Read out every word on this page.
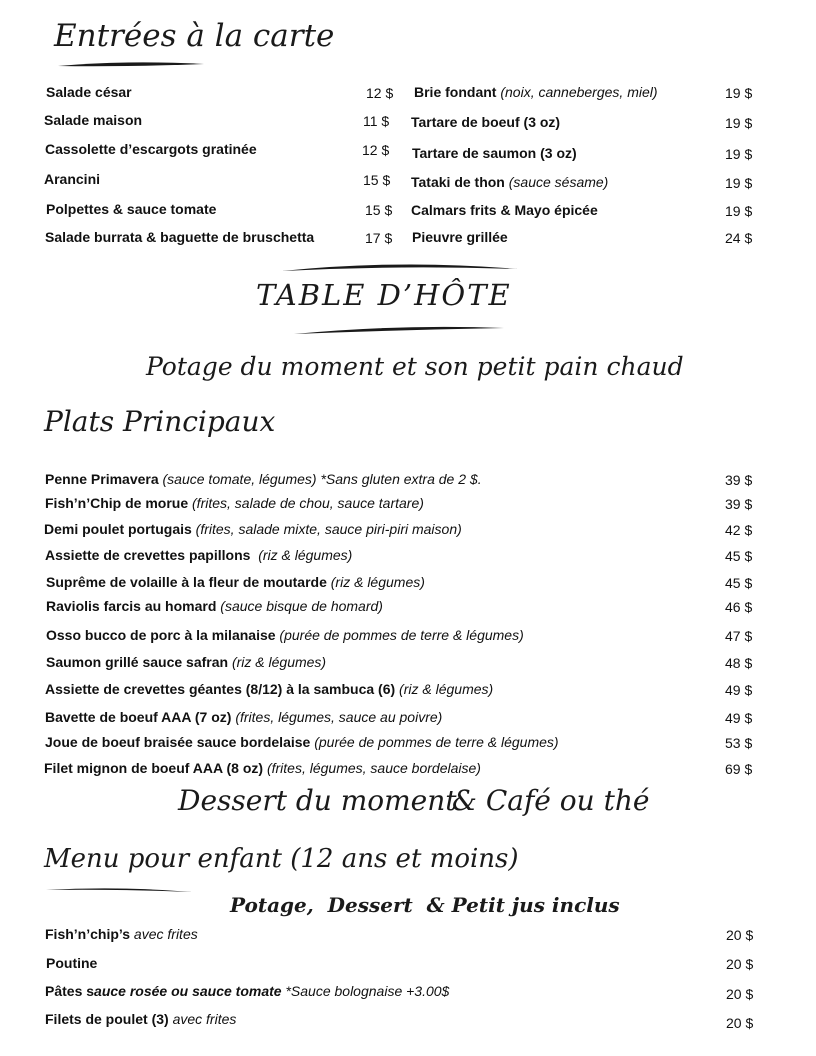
Entrées à la carte
Salade césar	12 $
Salade maison	11 $
Cassolette d’escargots gratinée	12 $
Arancini	15 $
Polpettes & sauce tomate	15 $
Salade burrata & baguette de bruschetta	17 $
Brie fondant (noix, canneberges, miel)	19 $
Tartare de boeuf (3 oz)	19 $
Tartare de saumon (3 oz)	19 $
Tataki de thon (sauce sésame)	19 $
Calmars frits & Mayo épicée	19 $
Pieuvre grillée	24 $
TABLE D’HÔTE
Potage du moment et son petit pain chaud
Plats Principaux
Penne Primavera (sauce tomate, légumes) *Sans gluten extra de 2 $.	39 $
Fish’n’Chip de morue (frites, salade de chou, sauce tartare)	39 $
Demi poulet portugais (frites, salade mixte, sauce piri-piri maison)	42 $
Assiette de crevettes papillons  (riz & légumes)	45 $
Suprême de volaille à la fleur de moutarde (riz & légumes)	45 $
Raviolis farcis au homard (sauce bisque de homard)	46 $
Osso bucco de porc à la milanaise (purée de pommes de terre & légumes)	47 $
Saumon grillé sauce safran (riz & légumes)	48 $
Assiette de crevettes géantes (8/12) à la sambuca (6) (riz & légumes)	49 $
Bavette de boeuf AAA (7 oz) (frites, légumes, sauce au poivre)	49 $
Joue de boeuf braisée sauce bordelaise (purée de pommes de terre & légumes)	53 $
Filet mignon de boeuf AAA (8 oz) (frites, légumes, sauce bordelaise)	69 $
Dessert du moment
& Café ou thé
Menu pour enfant (12 ans et moins)
Potage,  Dessert  & Petit jus inclus
Fish’n’chip’s avec frites	20 $
Poutine	20 $
Pâtes sauce rosée ou sauce tomate *Sauce bolognaise +3.00$	20 $
Filets de poulet (3) avec frites	20 $
